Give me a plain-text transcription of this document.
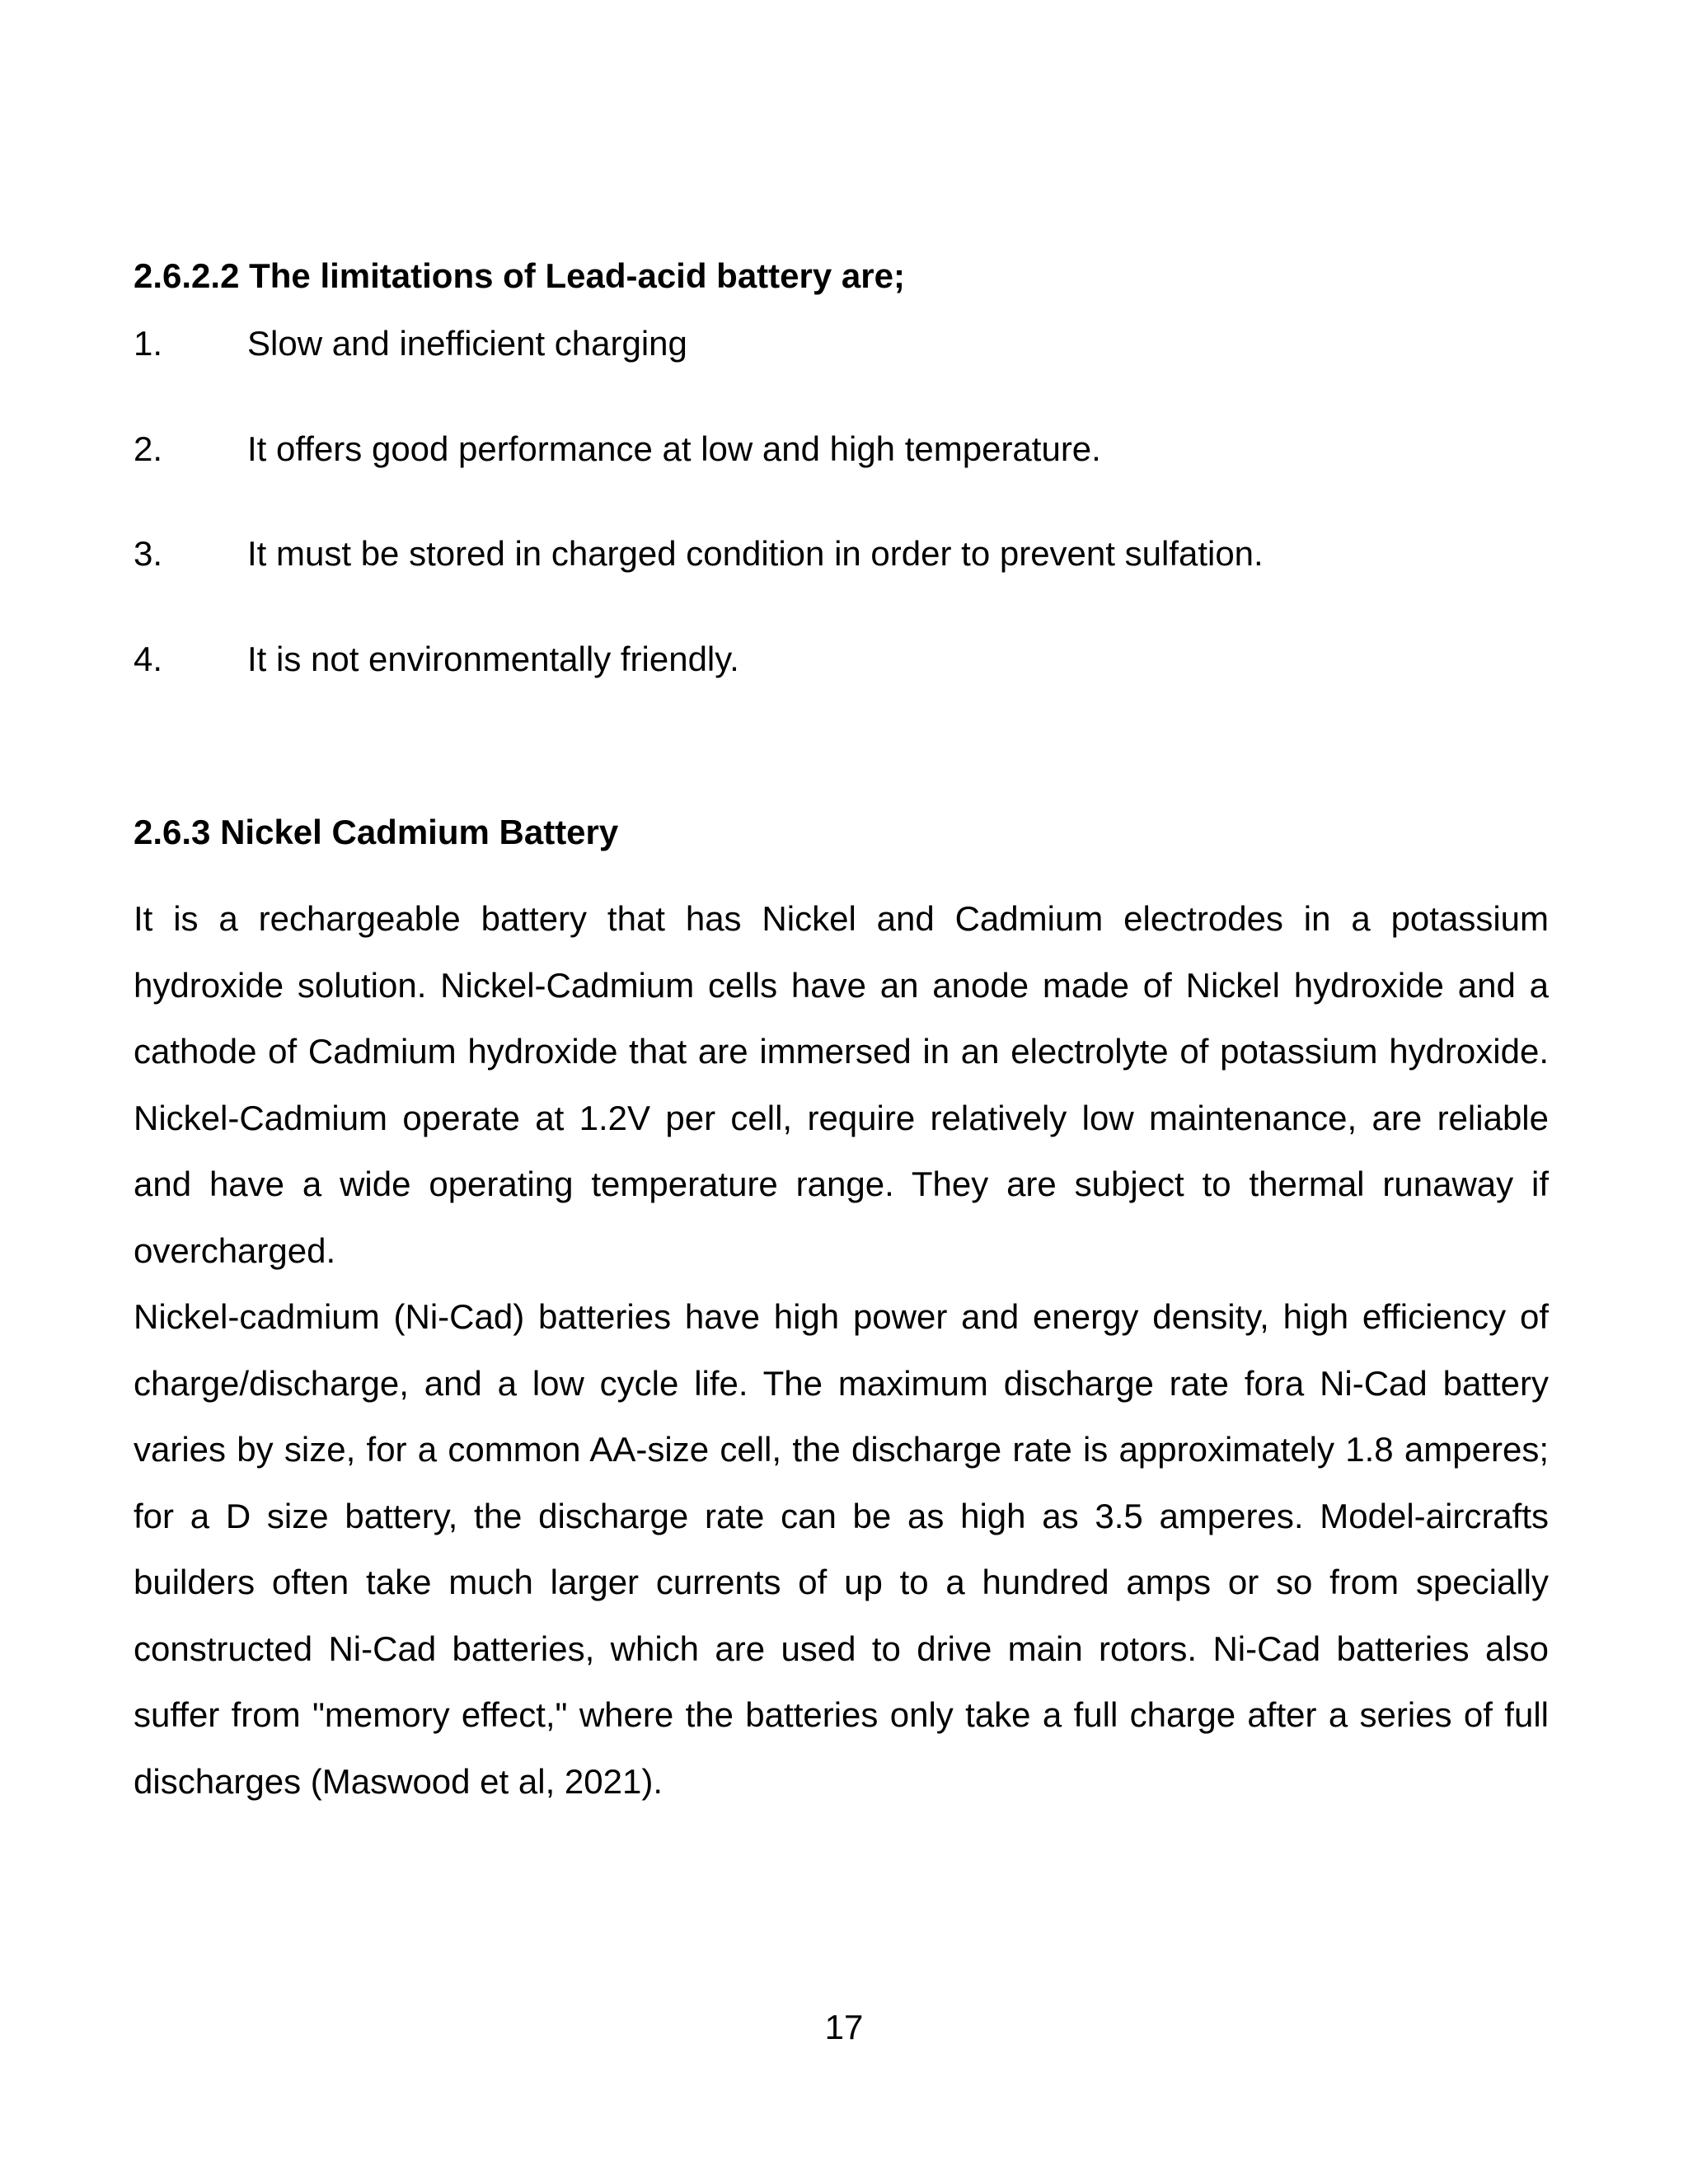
2.6.2.2 The limitations of Lead-acid battery are;
1. Slow and inefficient charging
2. It offers good performance at low and high temperature.
3. It must be stored in charged condition in order to prevent sulfation.
4. It is not environmentally friendly.
2.6.3 Nickel Cadmium Battery

It is a rechargeable battery that has Nickel and Cadmium electrodes in a potassium hydroxide solution. Nickel-Cadmium cells have an anode made of Nickel hydroxide and a cathode of Cadmium hydroxide that are immersed in an electrolyte of potassium hydroxide. Nickel-Cadmium operate at 1.2V per cell, require relatively low maintenance, are reliable and have a wide operating temperature range. They are subject to thermal runaway if overcharged.

Nickel-cadmium (Ni-Cad) batteries have high power and energy density, high efficiency of charge/discharge, and a low cycle life. The maximum discharge rate fora Ni-Cad battery varies by size, for a common AA-size cell, the discharge rate is approximately 1.8 amperes; for a D size battery, the discharge rate can be as high as 3.5 amperes. Model-aircrafts builders often take much larger currents of up to a hundred amps or so from specially constructed Ni-Cad batteries, which are used to drive main rotors. Ni-Cad batteries also suffer from "memory effect," where the batteries only take a full charge after a series of full discharges (Maswood et al, 2021).

17
